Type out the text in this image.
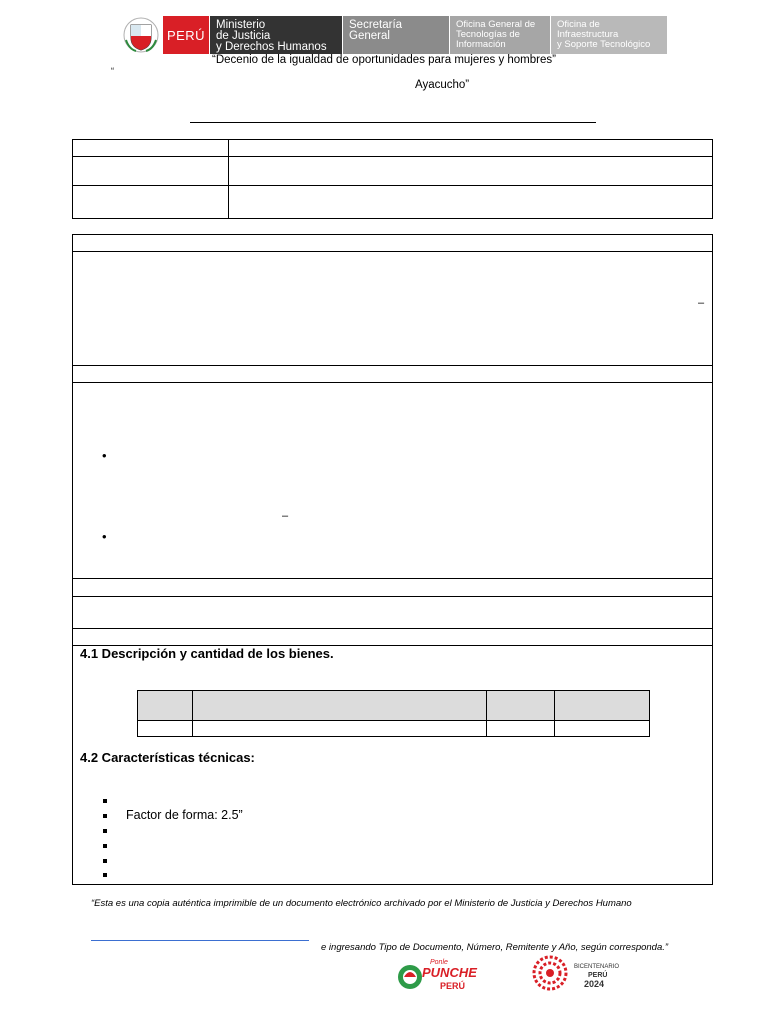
PERÚ
Ministerio
de Justicia
y Derechos Humanos
Secretaría
General
Oficina General de
Tecnologías de
Información
Oficina de
Infraestructura
y Soporte Tecnológico
“Decenio de la igualdad de oportunidades para mujeres y hombres”
“
Ayacucho”
–
•
–
•
4.1 Descripción y cantidad de los bienes.
4.2 Características técnicas:
Factor de forma: 2.5”
“Esta es una copia auténtica imprimible de un documento electrónico archivado por el Ministerio de Justicia y Derechos Humano
e ingresando Tipo de Documento, Número, Remitente y Año, según corresponda.”
Ponle
PUNCHE
PERÚ
BICENTENARIO
PERÚ
2024
